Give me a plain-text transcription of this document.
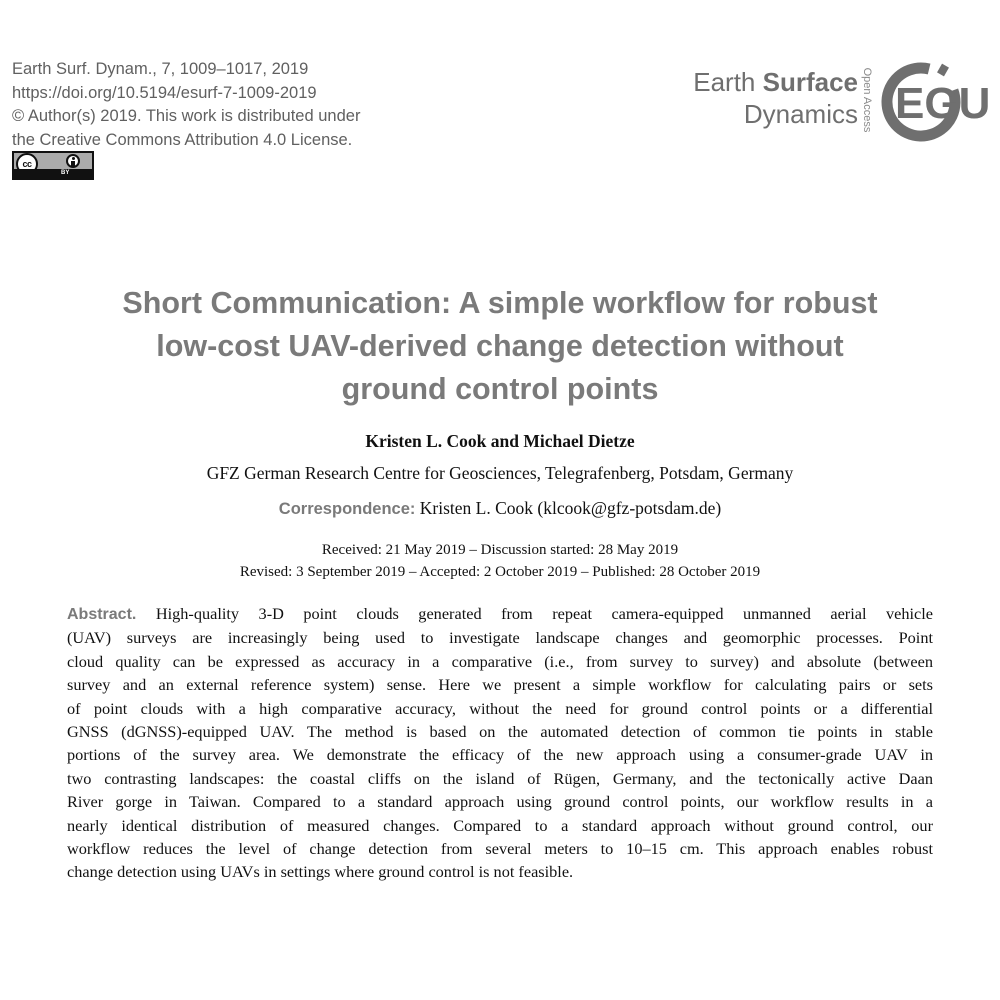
Earth Surf. Dynam., 7, 1009–1017, 2019
https://doi.org/10.5194/esurf-7-1009-2019
© Author(s) 2019. This work is distributed under
the Creative Commons Attribution 4.0 License.
cc
BY
Earth Surface
Dynamics Open Access EGU
Short Communication: A simple workflow for robust
low-cost UAV-derived change detection without
ground control points
Kristen L. Cook and Michael Dietze
GFZ German Research Centre for Geosciences, Telegrafenberg, Potsdam, Germany
Correspondence: Kristen L. Cook (klcook@gfz-potsdam.de)
Received: 21 May 2019 – Discussion started: 28 May 2019
Revised: 3 September 2019 – Accepted: 2 October 2019 – Published: 28 October 2019
Abstract. High-quality 3-D point clouds generated from repeat camera-equipped unmanned aerial vehicle
(UAV) surveys are increasingly being used to investigate landscape changes and geomorphic processes. Point
cloud quality can be expressed as accuracy in a comparative (i.e., from survey to survey) and absolute (between
survey and an external reference system) sense. Here we present a simple workflow for calculating pairs or sets
of point clouds with a high comparative accuracy, without the need for ground control points or a differential
GNSS (dGNSS)-equipped UAV. The method is based on the automated detection of common tie points in stable
portions of the survey area. We demonstrate the efficacy of the new approach using a consumer-grade UAV in
two contrasting landscapes: the coastal cliffs on the island of Rügen, Germany, and the tectonically active Daan
River gorge in Taiwan. Compared to a standard approach using ground control points, our workflow results in a
nearly identical distribution of measured changes. Compared to a standard approach without ground control, our
workflow reduces the level of change detection from several meters to 10–15 cm. This approach enables robust
change detection using UAVs in settings where ground control is not feasible.
